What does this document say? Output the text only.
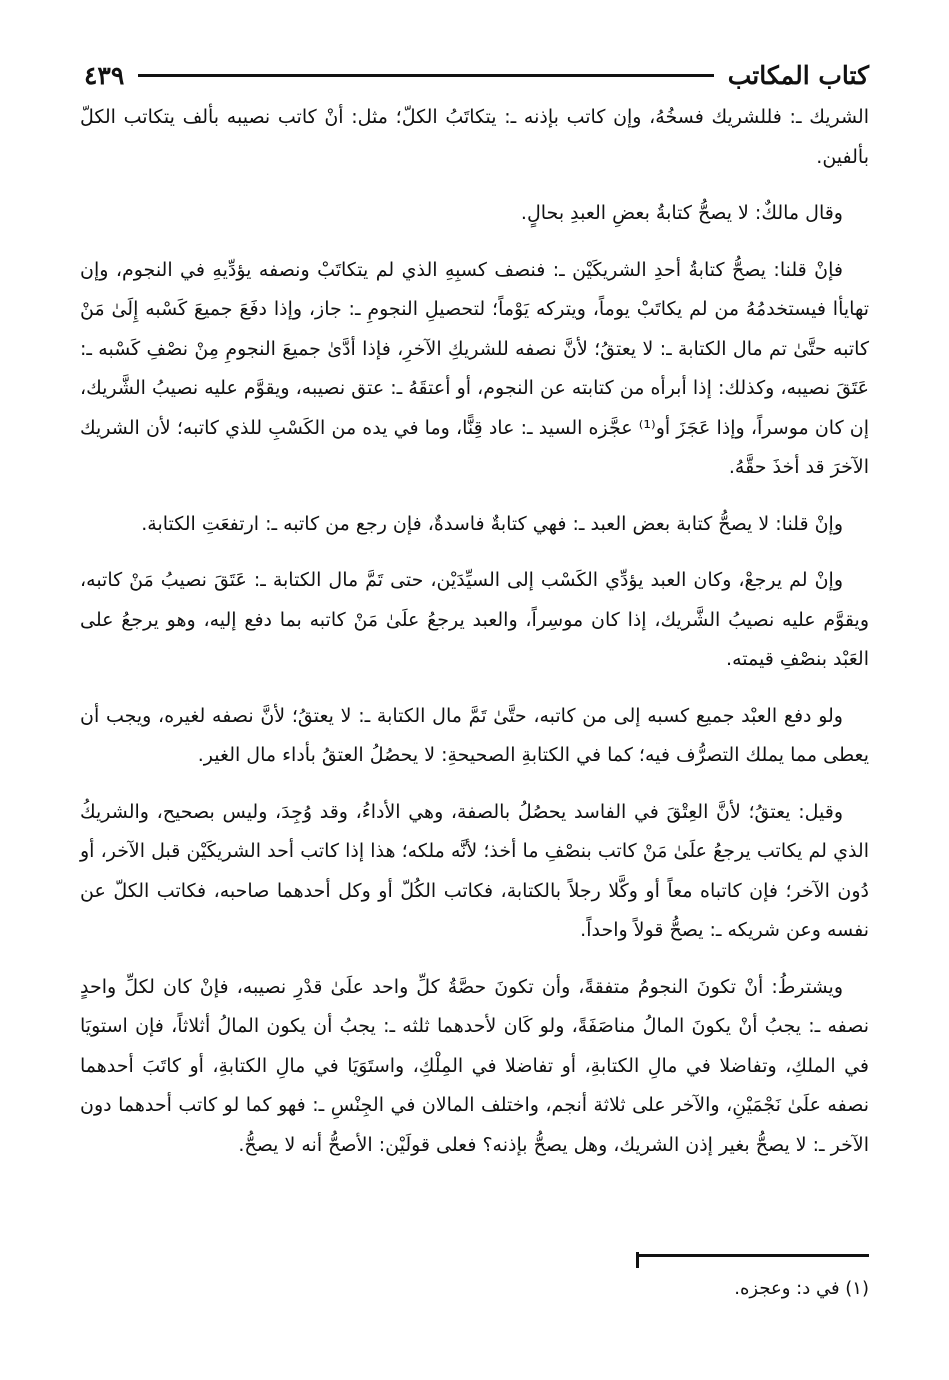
كتاب المكاتب
٤٣٩

الشريك ـ: فللشريك فسخُهُ، وإن كاتب بإذنه ـ: يتكاتَبُ الكلّ؛ مثل: أنْ كاتب نصيبه بألف يتكاتب الكلّ بألفين.

وقال مالكٌ: لا يصحُّ كتابةُ بعضِ العبدِ بحالٍ.

فإنْ قلنا: يصحُّ كتابةُ أحدِ الشريكَيْن ـ: فنصف كسبِهِ الذي لم يتكاتَبْ ونصفه يؤدِّيهِ في النجوم، وإن تهايأا فيستخدمُهُ من لم يكاتَبْ يوماً، ويتركه يَوْماً؛ لتحصيلِ النجومِ ـ: جاز، وإذا دفَعَ جميعَ كَسْبه إِلَىٰ مَنْ كاتبه حتَّىٰ تم مال الكتابة ـ: لا يعتقُ؛ لأنَّ نصفه للشريكِ الآخرِ، فإذا أدَّىٰ جميعَ النجومِ مِنْ نصْفِ كَسْبه ـ: عَتَقَ نصيبه، وكذلك: إذا أبرأه من كتابته عن النجوم، أو أعتقَهُ ـ: عتق نصيبه، ويقوَّم عليه نصيبُ الشَّريك، إن كان موسراً، وإذا عَجَزَ أو⁽¹⁾ عجَّزه السيد ـ: عاد قِنًّا، وما في يده من الكَسْبِ للذي كاتبه؛ لأن الشريك الآخرَ قد أخذَ حقَّهُ.

وإنْ قلنا: لا يصحُّ كتابة بعض العبد ـ: فهي كتابةٌ فاسدةٌ، فإن رجع من كاتبه ـ: ارتفعَتِ الكتابة.

وإنْ لم يرجعْ، وكان العبد يؤدِّي الكَسْب إلى السيِّدَيْن، حتى تَمَّ مال الكتابة ـ: عَتَقَ نصيبُ مَنْ كاتبه، ويقوَّم عليه نصيبُ الشَّريك، إذا كان موسِراً، والعبد يرجعُ علَىٰ مَنْ كاتبه بما دفع إليه، وهو يرجعُ على العَبْد بنصْفِ قيمته.

ولو دفع العبْد جميع كسبه إلى من كاتبه، حتَّىٰ تَمَّ مال الكتابة ـ: لا يعتقُ؛ لأنَّ نصفه لغيره، ويجب أن يعطى مما يملك التصرُّف فيه؛ كما في الكتابةِ الصحيحةِ: لا يحصُلُ العتقُ بأداء مال الغير.

وقيل: يعتقُ؛ لأنَّ العِتْقَ في الفاسد يحصُلُ بالصفة، وهي الأداءُ، وقد وُجِدَ، وليس بصحيح، والشريكُ الذي لم يكاتب يرجعُ علَىٰ مَنْ كاتب بنصْفِ ما أخذ؛ لأنَّه ملكه؛ هذا إذا كاتب أحد الشريكَيْن قبل الآخر، أو دُون الآخر؛ فإن كاتباه معاً أو وكَّلا رجلاً بالكتابة، فكاتب الكُلّ أو وكل أحدهما صاحبه، فكاتب الكلّ عن نفسه وعن شريكه ـ: يصحُّ قولاً واحداً.

ويشترطُ: أنْ تكونَ النجومُ متفقةً، وأن تكونَ حصَّةُ كلِّ واحد علَىٰ قدْرِ نصيبه، فإنْ كان لكلِّ واحدٍ نصفه ـ: يجبُ أنْ يكونَ المالُ مناصَفَةً، ولو كَان لأحدهما ثلثه ـ: يجبُ أن يكون المالُ أثلاثاً، فإن استويَا في الملكِ، وتفاضلا في مالِ الكتابةِ، أو تفاضلا في المِلْكِ، واستَوَيَا في مالِ الكتابةِ، أو كاتَبَ أحدهما نصفه علَىٰ نَجْمَيْنِ، والآخر على ثلاثة أنجم، واختلف المالان في الجِنْسِ ـ: فهو كما لو كاتب أحدهما دون الآخر ـ: لا يصحُّ بغير إذن الشريك، وهل يصحُّ بإذنه؟ فعلى قولَيْن: الأصحُّ أنه لا يصحُّ.

(١) في د: وعجزه.
